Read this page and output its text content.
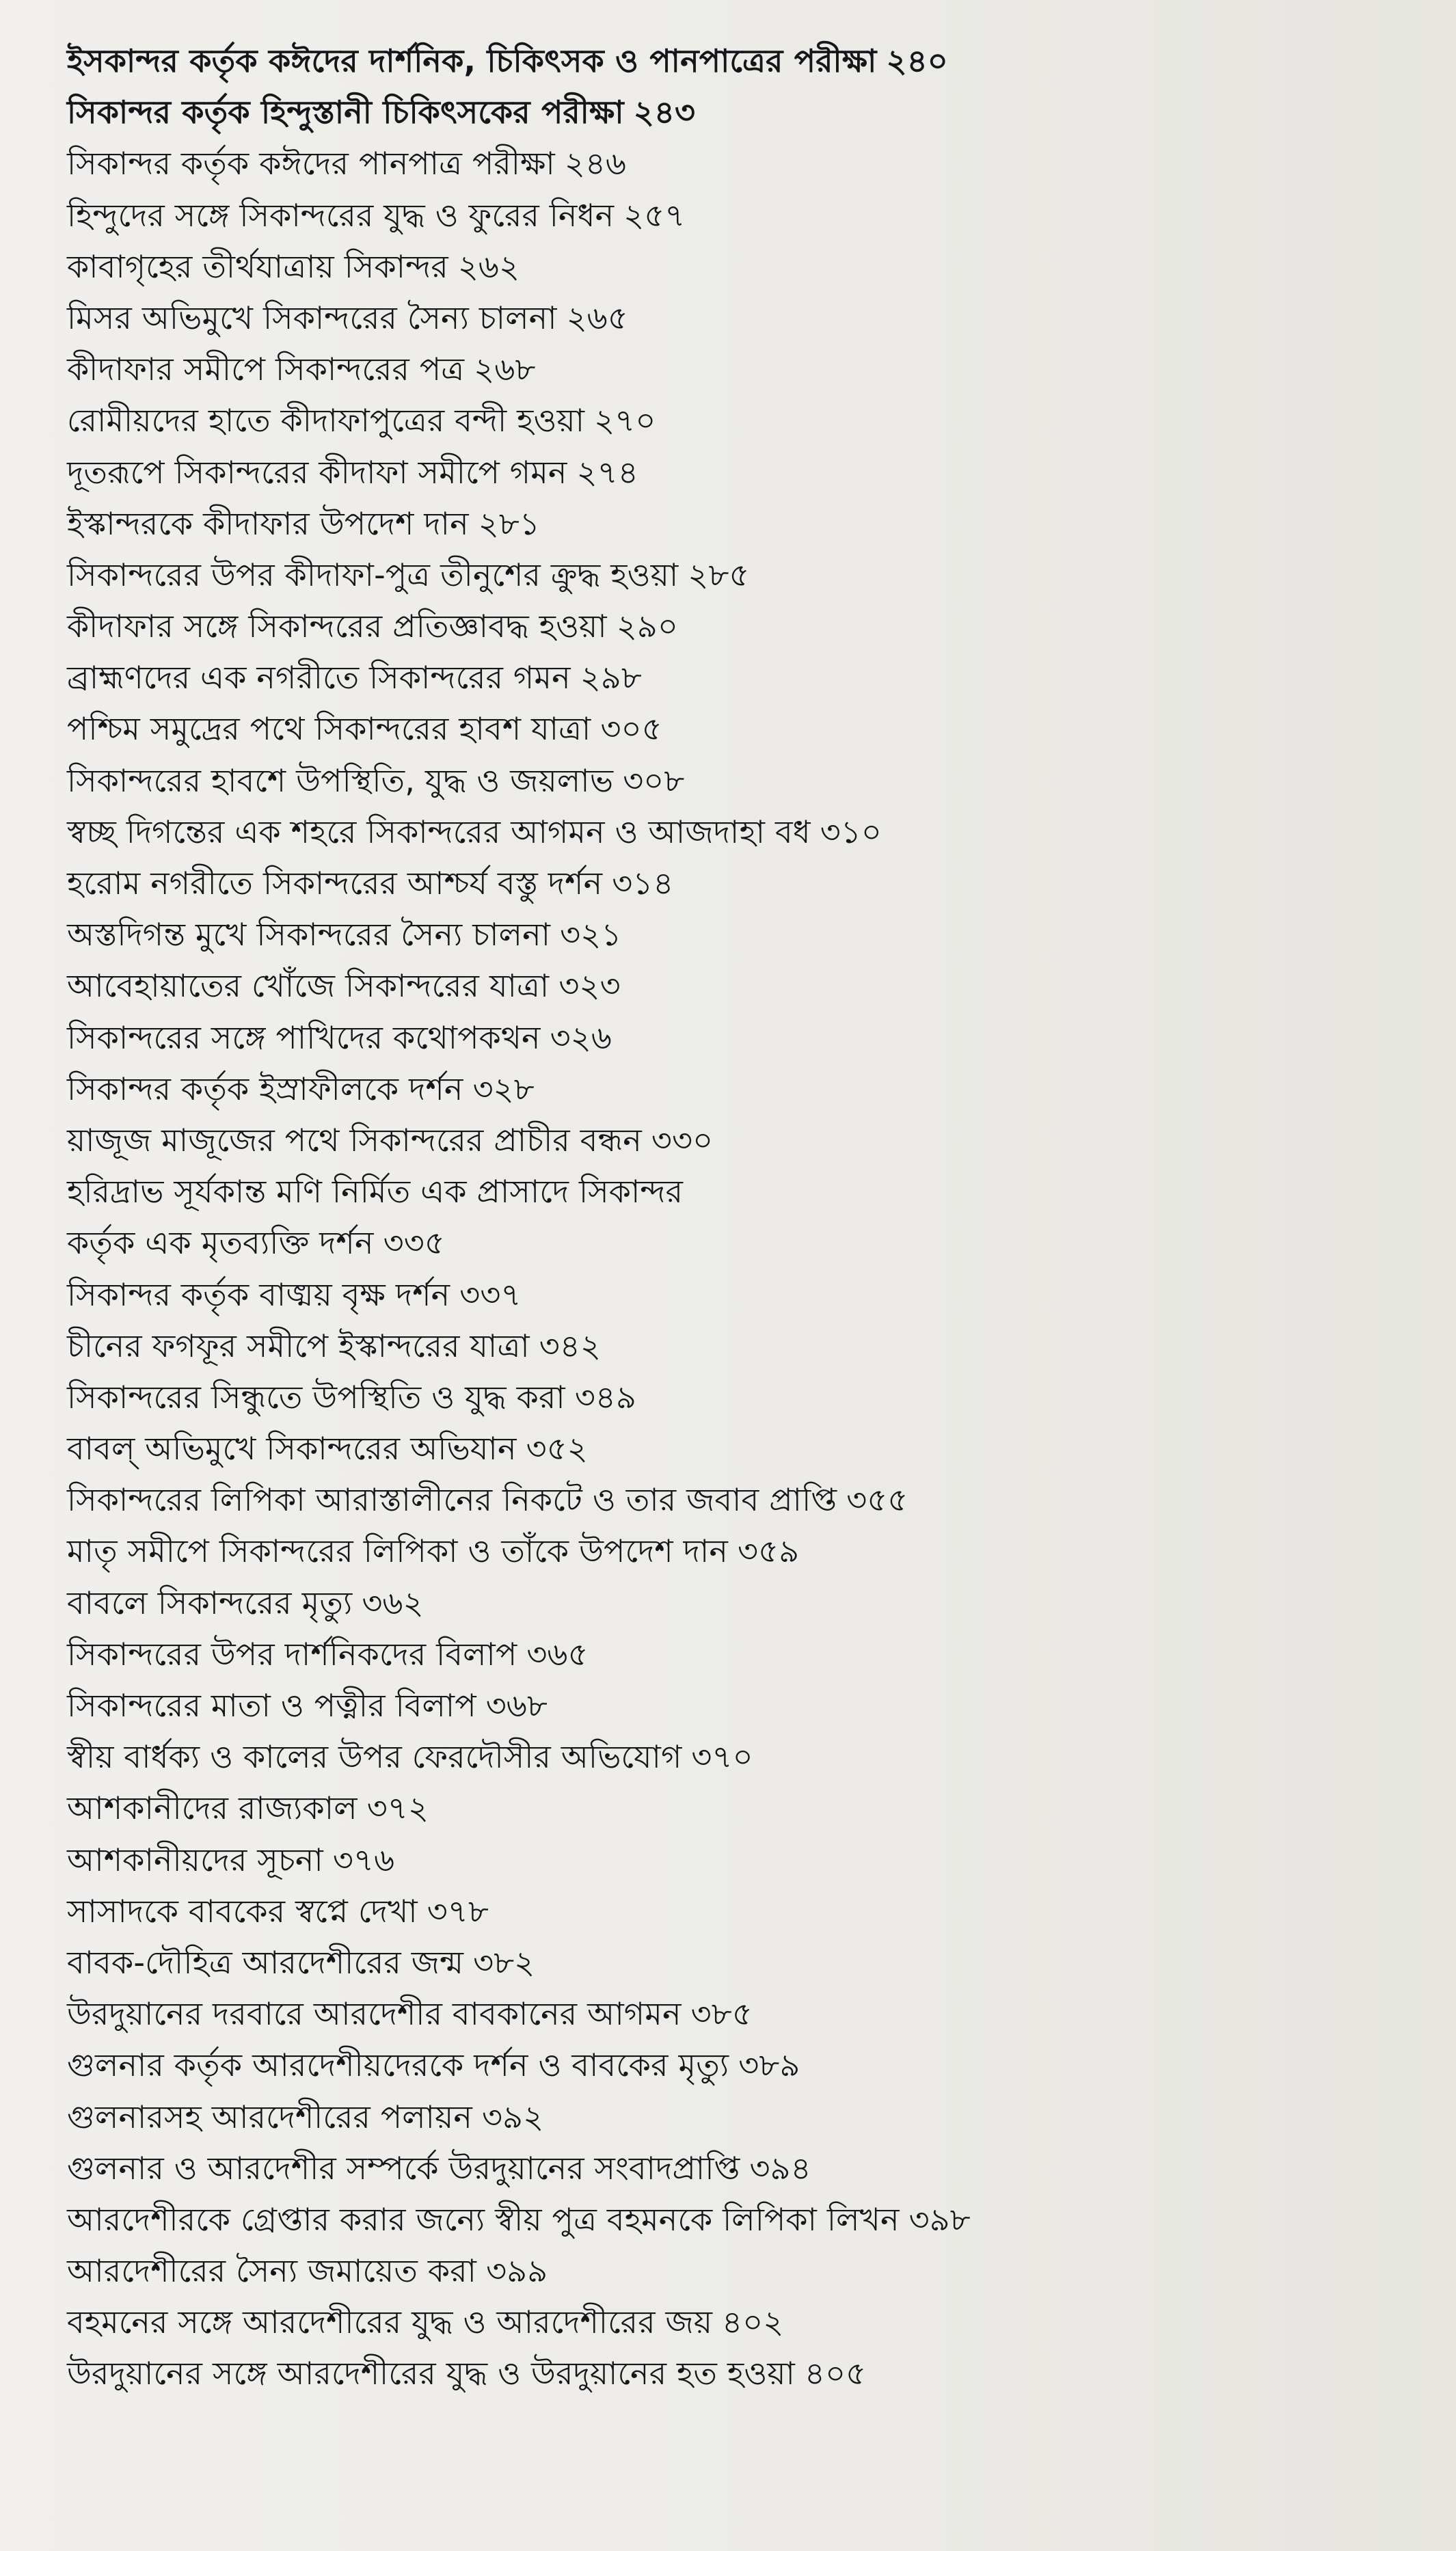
ইসকান্দর কর্তৃক কঈদের দার্শনিক, চিকিৎসক ও পানপাত্রের পরীক্ষা ২৪০
সিকান্দর কর্তৃক হিন্দুস্তানী চিকিৎসকের পরীক্ষা ২৪৩
সিকান্দর কর্তৃক কঈদের পানপাত্র পরীক্ষা ২৪৬
হিন্দুদের সঙ্গে সিকান্দরের যুদ্ধ ও ফুরের নিধন ২৫৭
কাবাগৃহের তীর্থযাত্রায় সিকান্দর ২৬২
মিসর অভিমুখে সিকান্দরের সৈন্য চালনা ২৬৫
কীদাফার সমীপে সিকান্দরের পত্র ২৬৮
রোমীয়দের হাতে কীদাফাপুত্রের বন্দী হওয়া ২৭০
দূতরূপে সিকান্দরের কীদাফা সমীপে গমন ২৭৪
ইস্কান্দরকে কীদাফার উপদেশ দান ২৮১
সিকান্দরের উপর কীদাফা-পুত্র তীনুশের ক্রুদ্ধ হওয়া ২৮৫
কীদাফার সঙ্গে সিকান্দরের প্রতিজ্ঞাবদ্ধ হওয়া ২৯০
ব্রাহ্মণদের এক নগরীতে সিকান্দরের গমন ২৯৮
পশ্চিম সমুদ্রের পথে সিকান্দরের হাবশ যাত্রা ৩০৫
সিকান্দরের হাবশে উপস্থিতি, যুদ্ধ ও জয়লাভ ৩০৮
স্বচ্ছ দিগন্তের এক শহরে সিকান্দরের আগমন ও আজদাহা বধ ৩১০
হরোম নগরীতে সিকান্দরের আশ্চর্য বস্তু দর্শন ৩১৪
অস্তদিগন্ত মুখে সিকান্দরের সৈন্য চালনা ৩২১
আবেহায়াতের খোঁজে সিকান্দরের যাত্রা ৩২৩
সিকান্দরের সঙ্গে পাখিদের কথোপকথন ৩২৬
সিকান্দর কর্তৃক ইস্রাফীলকে দর্শন ৩২৮
য়াজূজ মাজূজের পথে সিকান্দরের প্রাচীর বন্ধন ৩৩০
হরিদ্রাভ সূর্যকান্ত মণি নির্মিত এক প্রাসাদে সিকান্দর
কর্তৃক এক মৃতব্যক্তি দর্শন ৩৩৫
সিকান্দর কর্তৃক বাঙ্ময় বৃক্ষ দর্শন ৩৩৭
চীনের ফগফূর সমীপে ইস্কান্দরের যাত্রা ৩৪২
সিকান্দরের সিন্ধুতে উপস্থিতি ও যুদ্ধ করা ৩৪৯
বাবল্ অভিমুখে সিকান্দরের অভিযান ৩৫২
সিকান্দরের লিপিকা আরাস্তালীনের নিকটে ও তার জবাব প্রাপ্তি ৩৫৫
মাতৃ সমীপে সিকান্দরের লিপিকা ও তাঁকে উপদেশ দান ৩৫৯
বাবলে সিকান্দরের মৃত্যু ৩৬২
সিকান্দরের উপর দার্শনিকদের বিলাপ ৩৬৫
সিকান্দরের মাতা ও পত্নীর বিলাপ ৩৬৮
স্বীয় বার্ধক্য ও কালের উপর ফেরদৌসীর অভিযোগ ৩৭০
আশকানীদের রাজ্যকাল ৩৭২
আশকানীয়দের সূচনা ৩৭৬
সাসাদকে বাবকের স্বপ্নে দেখা ৩৭৮
বাবক-দৌহিত্র আরদেশীরের জন্ম ৩৮২
উরদুয়ানের দরবারে আরদেশীর বাবকানের আগমন ৩৮৫
গুলনার কর্তৃক আরদেশীয়দেরকে দর্শন ও বাবকের মৃত্যু ৩৮৯
গুলনারসহ আরদেশীরের পলায়ন ৩৯২
গুলনার ও আরদেশীর সম্পর্কে উরদুয়ানের সংবাদপ্রাপ্তি ৩৯৪
আরদেশীরকে গ্রেপ্তার করার জন্যে স্বীয় পুত্র বহমনকে লিপিকা লিখন ৩৯৮
আরদেশীরের সৈন্য জমায়েত করা ৩৯৯
বহমনের সঙ্গে আরদেশীরের যুদ্ধ ও আরদেশীরের জয় ৪০২
উরদুয়ানের সঙ্গে আরদেশীরের যুদ্ধ ও উরদুয়ানের হত হওয়া ৪০৫
